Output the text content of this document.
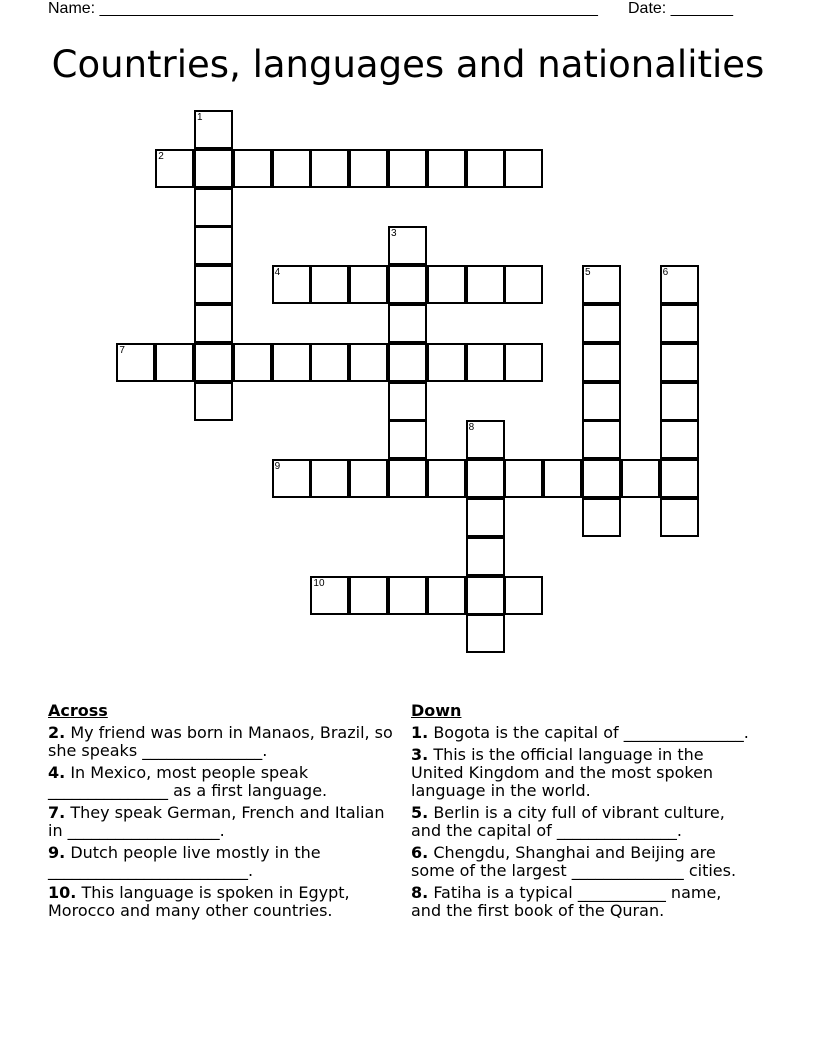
Name: ________________________________________________________ Date: _______
Countries, languages and nationalities
2
4
7
9
10
1
3
5	6
8
Across
2. My friend was born in Manaos, Brazil, so she speaks _______________.
4. In Mexico, most people speak _______________ as a first language.
7. They speak German, French and Italian in ___________________.
9. Dutch people live mostly in the _________________________.
10. This language is spoken in Egypt, Morocco and many other countries.
Down
1. Bogota is the capital of _______________.
3. This is the official language in the United Kingdom and the most spoken language in the world.
5. Berlin is a city full of vibrant culture, and the capital of _______________.
6. Chengdu, Shanghai and Beijing are some of the largest ______________ cities.
8. Fatiha is a typical ___________ name, and the first book of the Quran.
